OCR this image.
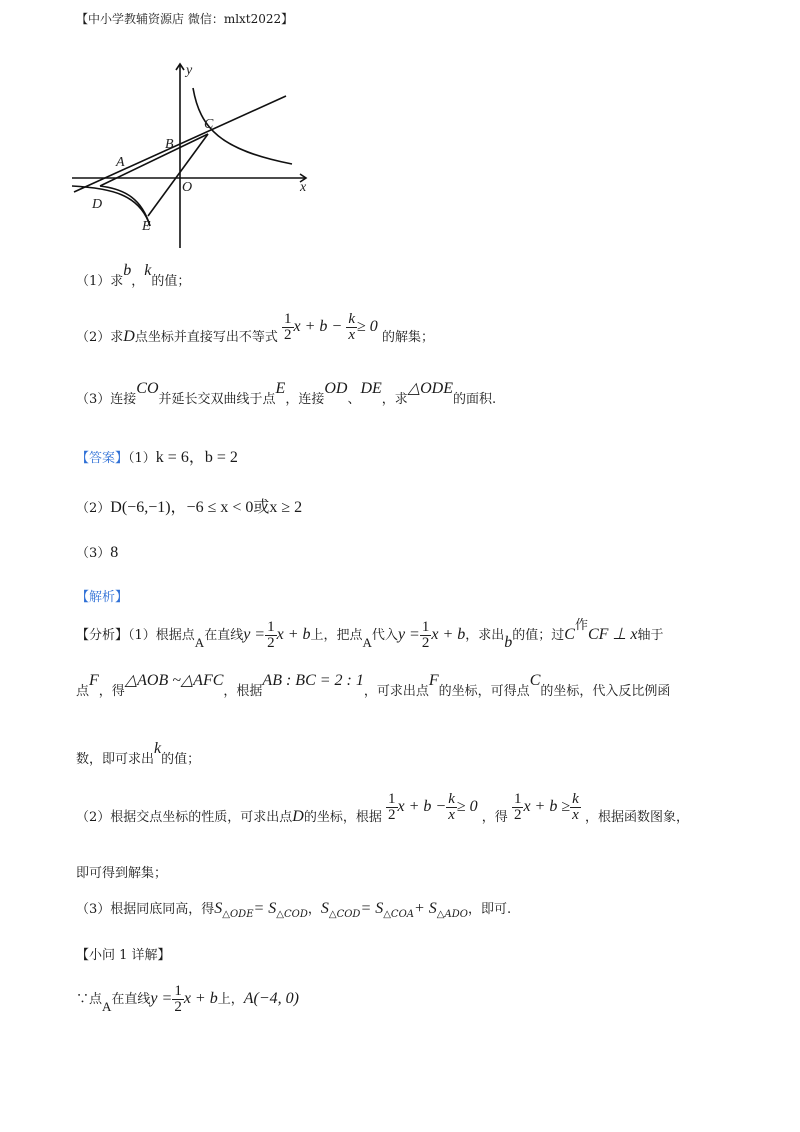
【中小学教辅资源店 微信：mlxt2022】
y
x
A
B
C
D
E
O
（1）求b，k的值；
（2）求D点坐标并直接写出不等式 $\frac{1}{2}$ $x + b - \frac{k}{x} \ge 0$ 的解集；
（3）连接CO并延长交双曲线于点E，连接OD、DE，求△ODE的面积.
【答案】（1）k = 6，b = 2
（2）D(−6,−1)，−6 ≤ x < 0或x ≥ 2
（3）8
【解析】
【分析】（1）根据点A在直线$y = \frac{1}{2}$ x + b上，把点A代入$y = \frac{1}{2}$ x + b，求出b的值；过C作CF ⊥ x轴于
点F，得△AOB ~△AFC，根据AB : BC = 2 : 1，可求出点F的坐标，可得点C的坐标，代入反比例函
数，即可求出k的值；
（2）根据交点坐标的性质，可求出点D的坐标，根据 $\frac{1}{2}$ $x + b - \frac{k}{x} \ge 0$ ，得 $\frac{1}{2}$ $x + b \ge \frac{k}{x}$ ，根据函数图象，
即可得到解集；
（3）根据同底同高，得$S_{\triangle ODE}= S_{\triangle COD}$，$S_{\triangle COD}= S_{\triangle COA}+ S_{\triangle ADO}$，即可.
【小问 1 详解】
∵点A在直线$y = \frac{1}{2}$ x + b上，A(−4, 0)
